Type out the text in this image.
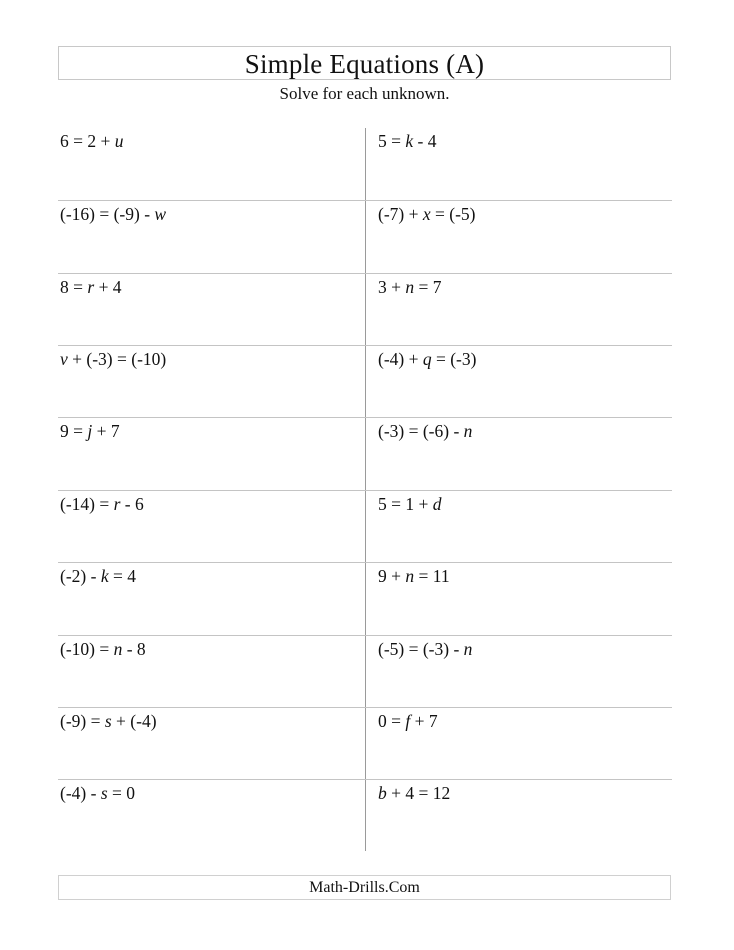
Simple Equations (A)
Solve for each unknown.
6 = 2 + u	5 = k - 4
(-16) = (-9) - w	(-7) + x = (-5)
8 = r + 4	3 + n = 7
v + (-3) = (-10)	(-4) + q = (-3)
9 = j + 7	(-3) = (-6) - n
(-14) = r - 6	5 = 1 + d
(-2) - k = 4	9 + n = 11
(-10) = n - 8	(-5) = (-3) - n
(-9) = s + (-4)	0 = f + 7
(-4) - s = 0	b + 4 = 12
Math-Drills.Com
